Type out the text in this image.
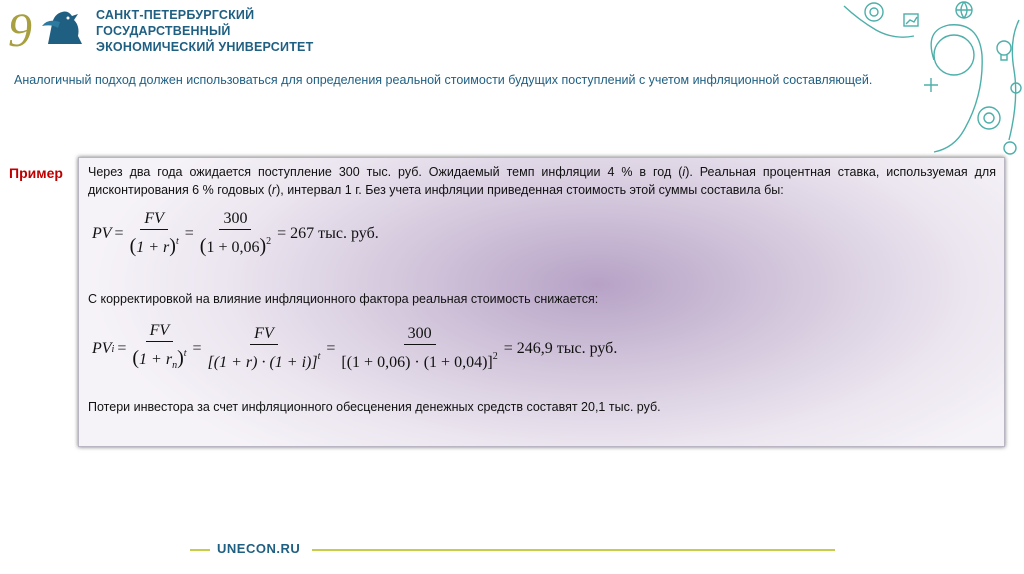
9	САНКТ-ПЕТЕРБУРГСКИЙ
ГОСУДАРСТВЕННЫЙ
ЭКОНОМИЧЕСКИЙ УНИВЕРСИТЕТ
Аналогичный подход должен использоваться для определения реальной стоимости будущих поступлений с учетом инфляционной составляющей.
Пример Через два года ожидается поступление 300 тыс. руб. Ожидаемый темп инфляции 4 % в год (i). Реальная процентная ставка, используемая для дисконтирования 6 % годовых (r), интервал 1 г. Без учета инфляции приведенная стоимость этой суммы составила бы:
PV = $\frac{FV}{(1 + r)^t} = \frac{300}{(1 + 0,06)^2} = 267$ тыс. руб.
С корректировкой на влияние инфляционного фактора реальная стоимость снижается:
PV $i = \frac{FV}{(1 + r_n)^t} = \frac{FV}{[(1 + r) \cdot (1 + i)]^t} = \frac{300}{[(1 + 0,06) \cdot (1 + 0,04)]^2} = 246,9$ тыс. руб.
Потери инвестора за счет инфляционного обесценения денежных средств составят 20,1 тыс. руб.
UNECON.RU
